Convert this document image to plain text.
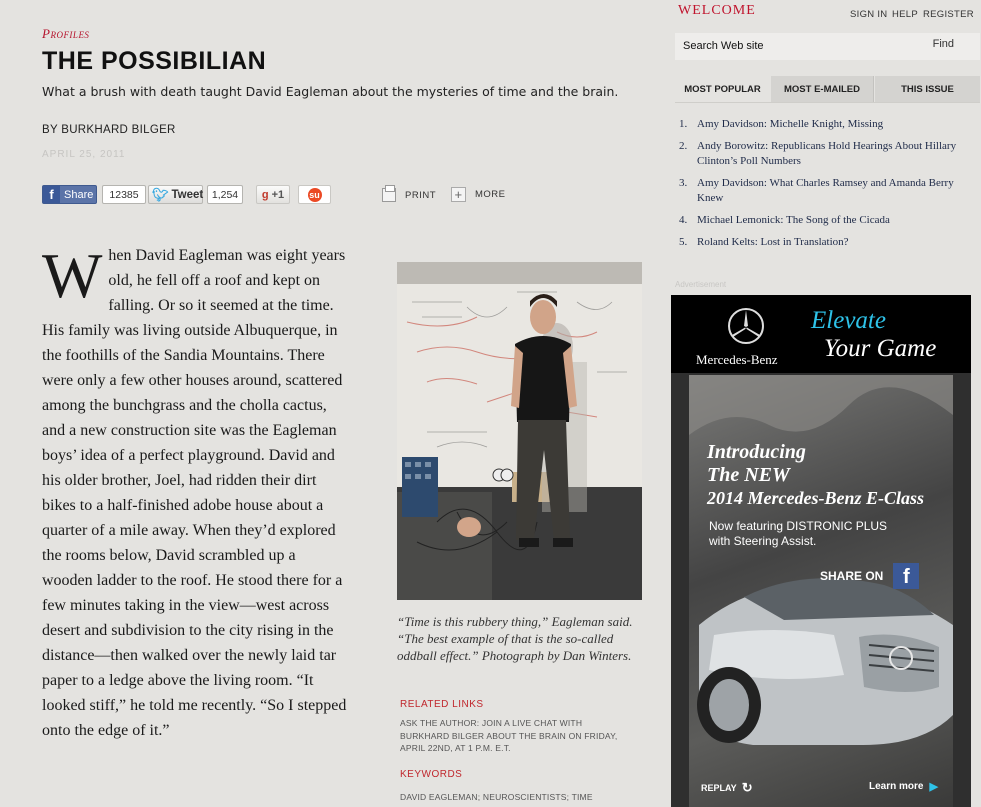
Profiles
THE POSSIBILIAN
What a brush with death taught David Eagleman about the mysteries of time and the brain.
BY BURKHARD BILGER
APRIL 25, 2011
f Share	12385	🐦︎ Tweet 1,254	g +1	su	PRINT +	MORE

When David Eagleman was eight years old, he fell off a roof and kept on falling. Or so it seemed at the time. His family was living outside Albuquerque, in the foothills of the Sandia Mountains. There were only a few other houses around, scattered among the bunchgrass and the cholla cactus, and a new construction site was the Eagleman boys’ idea of a perfect playground. David and his older brother, Joel, had ridden their dirt bikes to a half-finished adobe house about a quarter of a mile away. When they’d explored the rooms below, David scrambled up a wooden ladder to the roof. He stood there for a few minutes taking in the view—west across desert and subdivision to the city rising in the distance—then walked over the newly laid tar paper to a ledge above the living room. “It looked stiff,” he told me recently. “So I stepped onto the edge of it.”

“Time is this rubbery thing,” Eagleman said. “The best example of that is the so-called oddball effect.” Photograph by Dan Winters.
RELATED LINKS
ASK THE AUTHOR: JOIN A LIVE CHAT WITH BURKHARD BILGER ABOUT THE BRAIN ON FRIDAY, APRIL 22ND, AT 1 P.M. E.T.
KEYWORDS
DAVID EAGLEMAN; NEUROSCIENTISTS; TIME
WELCOME	SIGN IN HELP REGISTER
Search Web site
Find
MOST POPULAR MOST E-MAILED	THIS ISSUE
1. Amy Davidson: Michelle Knight, Missing
2. Andy Borowitz: Republicans Hold Hearings About Hillary Clinton’s Poll Numbers
3. Amy Davidson: What Charles Ramsey and Amanda Berry Knew
4. Michael Lemonick: The Song of the Cicada
5. Roland Kelts: Lost in Translation?
Advertisement
Mercedes-Benz
Elevate
Your Game
Introducing
The NEW
2014 Mercedes-Benz E-Class
Now featuring DISTRONIC PLUS
with Steering Assist.
SHARE ON f
REPLAY ↻	Learn more ▶
